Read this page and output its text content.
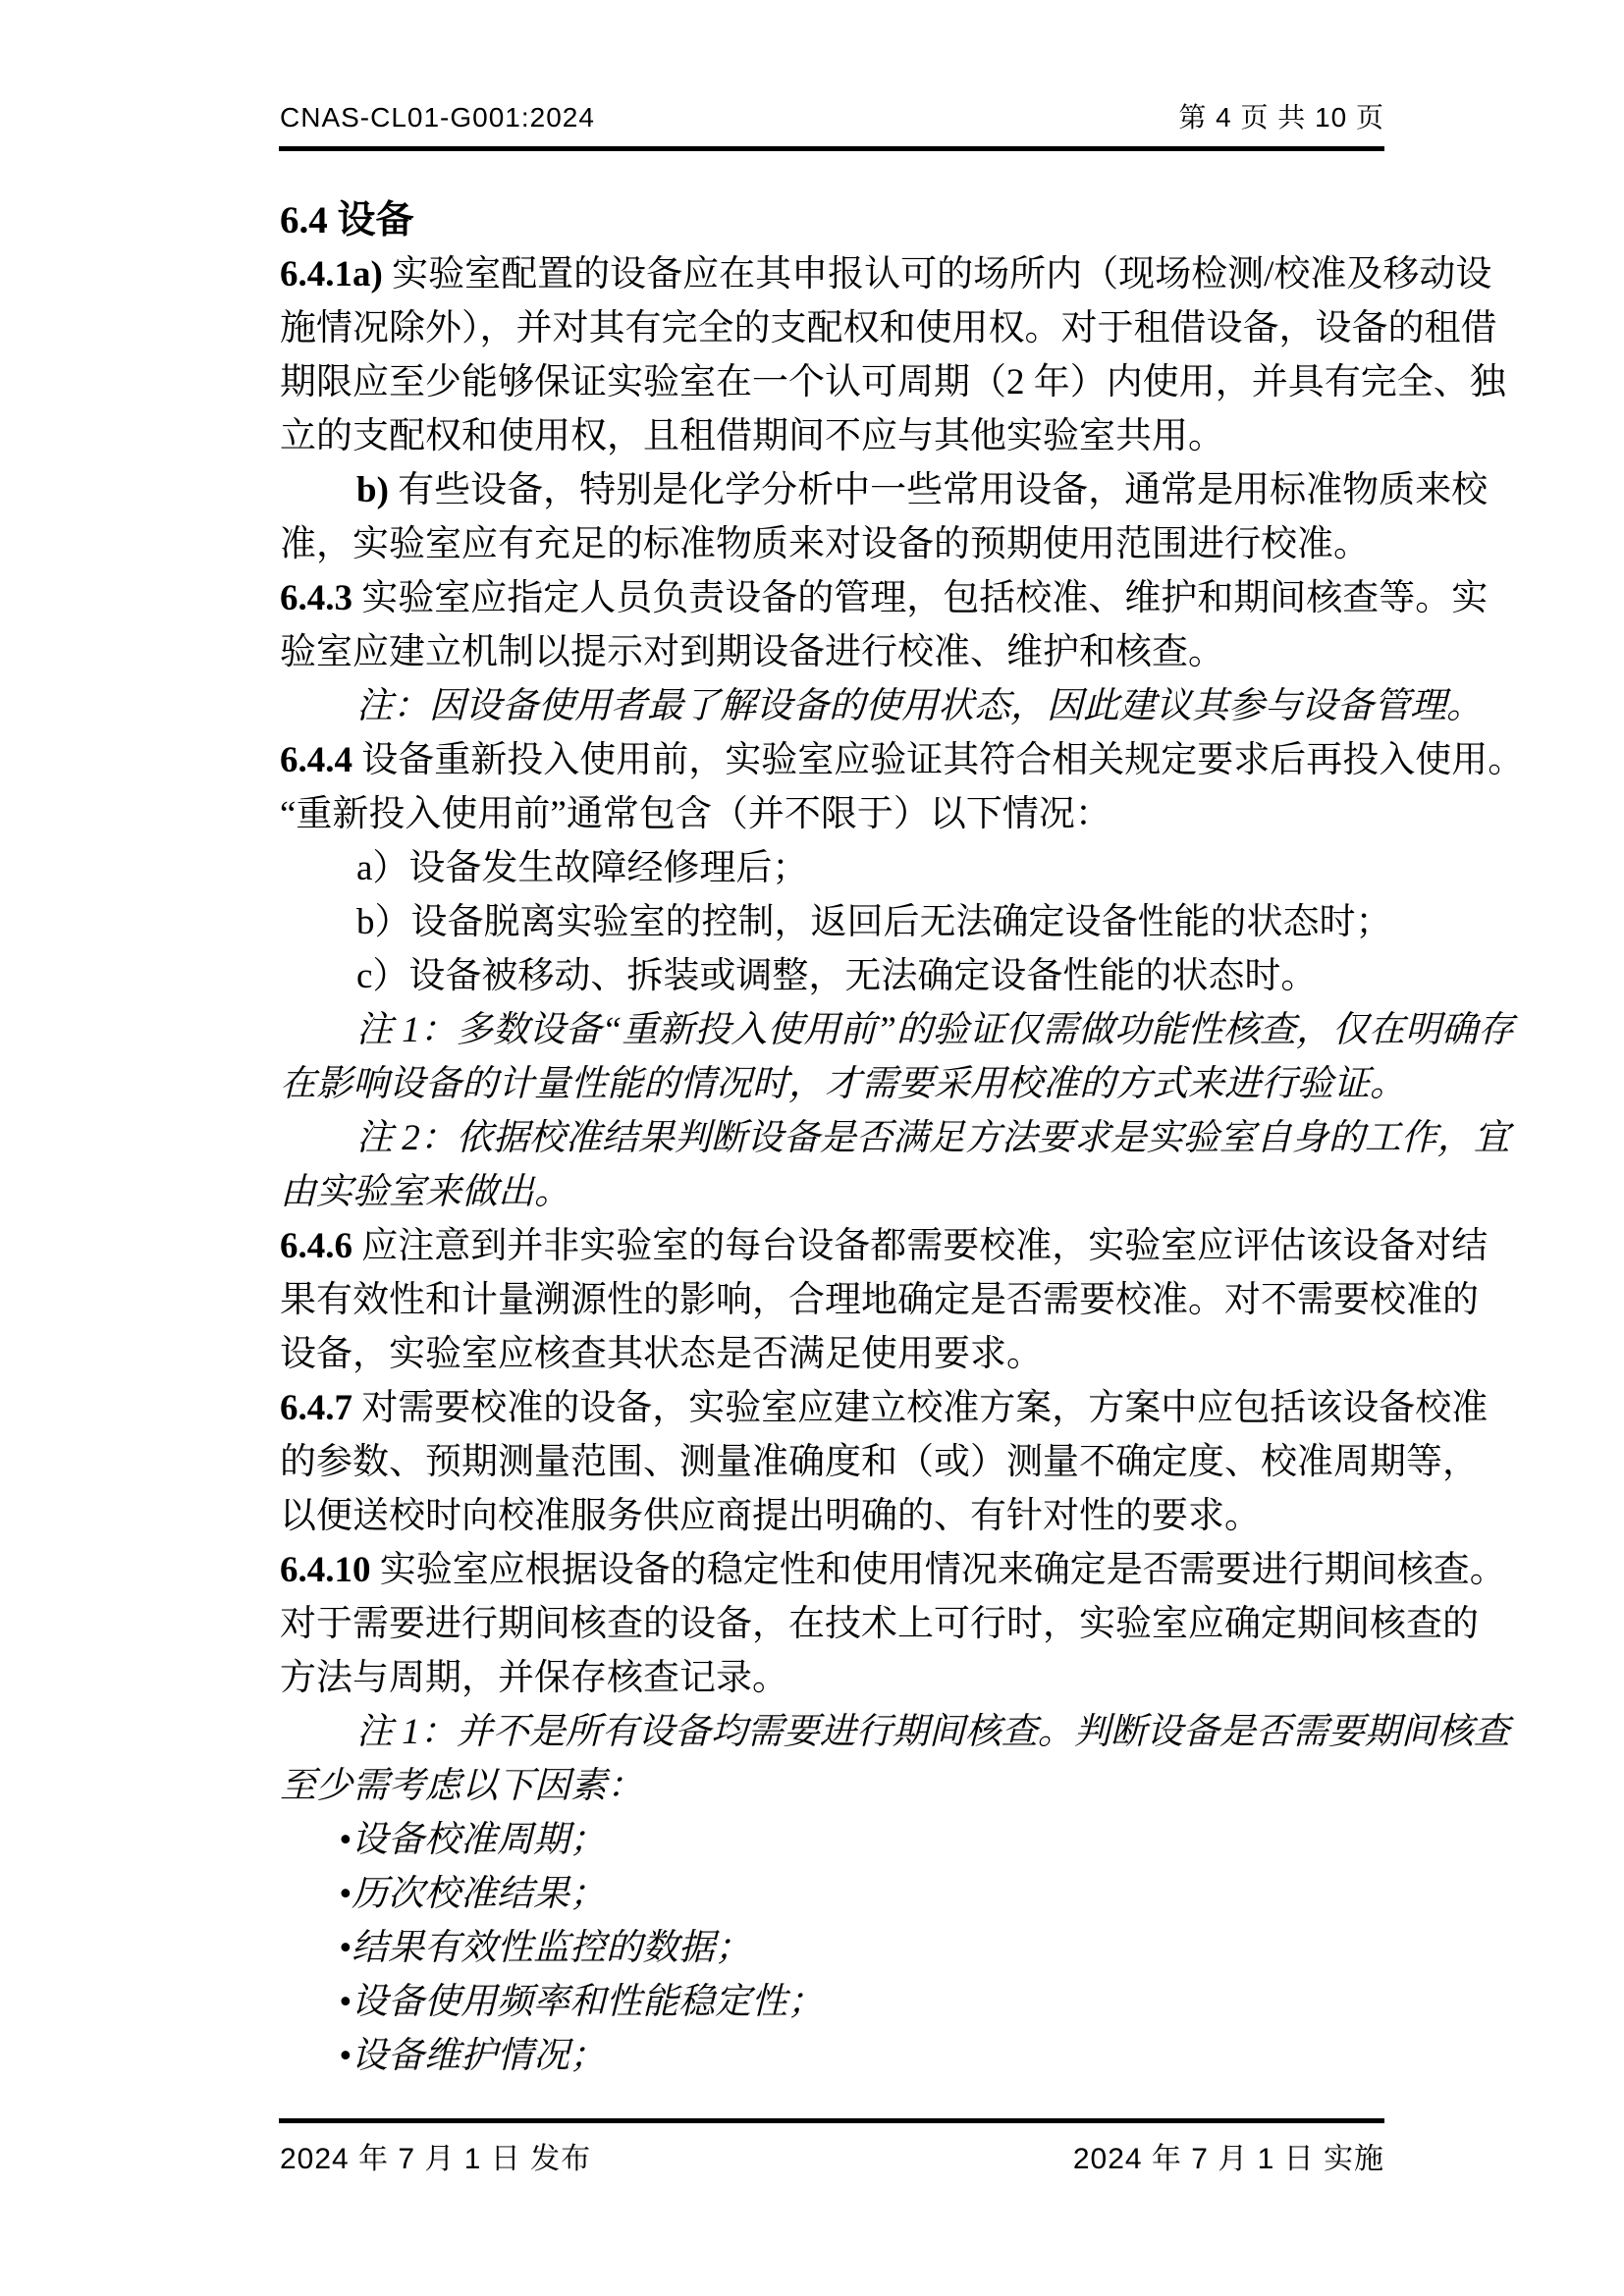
CNAS-CL01-G001:2024	第 4 页 共 10 页
6.4 设备
6.4.1a) 实验室配置的设备应在其申报认可的场所内（现场检测/校准及移动设
施情况除外），并对其有完全的支配权和使用权。对于租借设备，设备的租借
期限应至少能够保证实验室在一个认可周期（2 年）内使用，并具有完全、独
立的支配权和使用权，且租借期间不应与其他实验室共用。
b) 有些设备，特别是化学分析中一些常用设备，通常是用标准物质来校
准，实验室应有充足的标准物质来对设备的预期使用范围进行校准。
6.4.3 实验室应指定人员负责设备的管理，包括校准、维护和期间核查等。实
验室应建立机制以提示对到期设备进行校准、维护和核查。
注：因设备使用者最了解设备的使用状态，因此建议其参与设备管理。
6.4.4 设备重新投入使用前，实验室应验证其符合相关规定要求后再投入使用。
“重新投入使用前”通常包含（并不限于）以下情况：
a）设备发生故障经修理后；
b）设备脱离实验室的控制，返回后无法确定设备性能的状态时；
c）设备被移动、拆装或调整，无法确定设备性能的状态时。
注 1：多数设备“重新投入使用前”的验证仅需做功能性核查，仅在明确存
在影响设备的计量性能的情况时，才需要采用校准的方式来进行验证。
注 2：依据校准结果判断设备是否满足方法要求是实验室自身的工作，宜
由实验室来做出。
6.4.6 应注意到并非实验室的每台设备都需要校准，实验室应评估该设备对结
果有效性和计量溯源性的影响，合理地确定是否需要校准。对不需要校准的
设备，实验室应核查其状态是否满足使用要求。
6.4.7 对需要校准的设备，实验室应建立校准方案，方案中应包括该设备校准
的参数、预期测量范围、测量准确度和（或）测量不确定度、校准周期等，
以便送校时向校准服务供应商提出明确的、有针对性的要求。
6.4.10 实验室应根据设备的稳定性和使用情况来确定是否需要进行期间核查。
对于需要进行期间核查的设备，在技术上可行时，实验室应确定期间核查的
方法与周期，并保存核查记录。
注 1：并不是所有设备均需要进行期间核查。判断设备是否需要期间核查
至少需考虑以下因素：
•设备校准周期；
•历次校准结果；
•结果有效性监控的数据；
•设备使用频率和性能稳定性；
•设备维护情况；
2024 年 7 月 1 日 发布	2024 年 7 月 1 日 实施
